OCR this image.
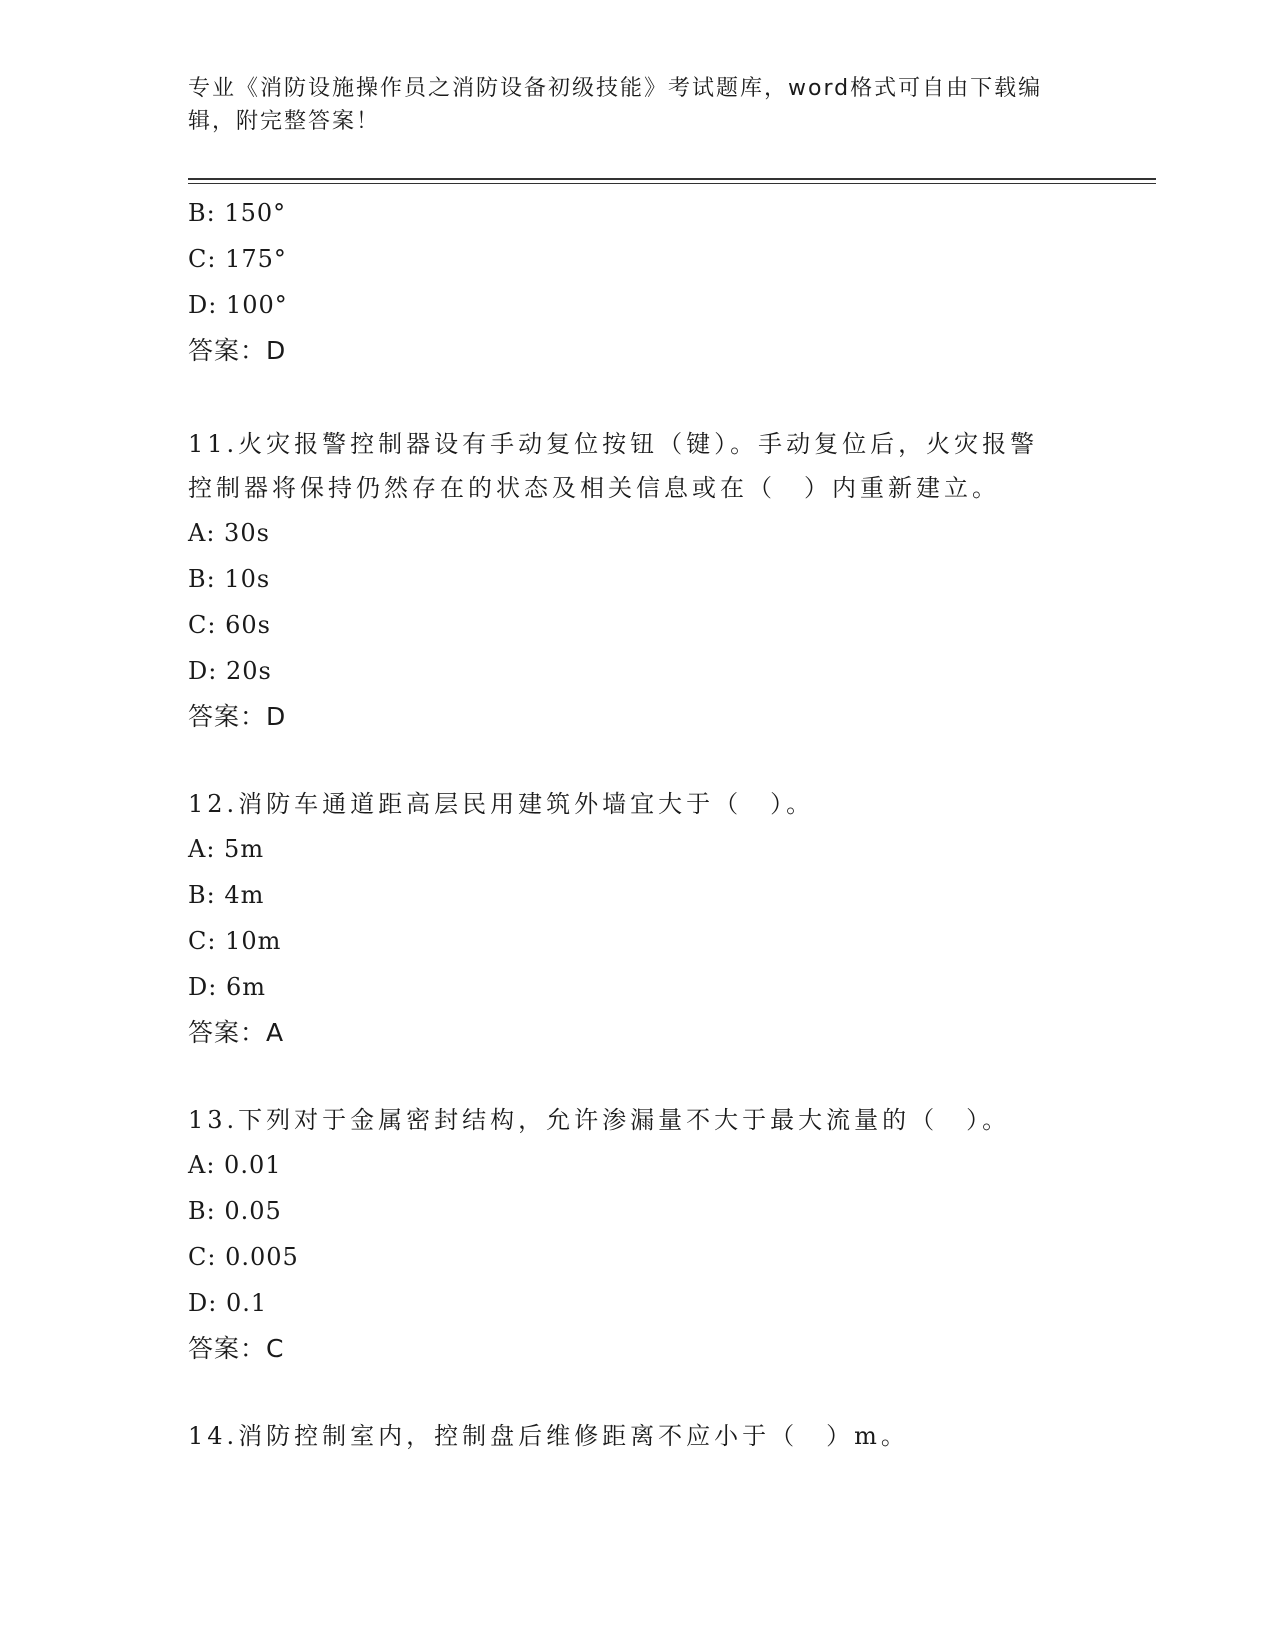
专业《消防设施操作员之消防设备初级技能》考试题库，word格式可自由下载编辑，附完整答案！
B: 150°
C: 175°
D: 100°
答案：D
11.火灾报警控制器设有手动复位按钮（键）。手动复位后，火灾报警控制器将保持仍然存在的状态及相关信息或在（　）内重新建立。
A: 30s
B: 10s
C: 60s
D: 20s
答案：D
12.消防车通道距高层民用建筑外墙宜大于（　）。
A: 5m
B: 4m
C: 10m
D: 6m
答案：A
13.下列对于金属密封结构，允许渗漏量不大于最大流量的（　）。
A: 0.01
B: 0.05
C: 0.005
D: 0.1
答案：C
14.消防控制室内，控制盘后维修距离不应小于（　）m。
